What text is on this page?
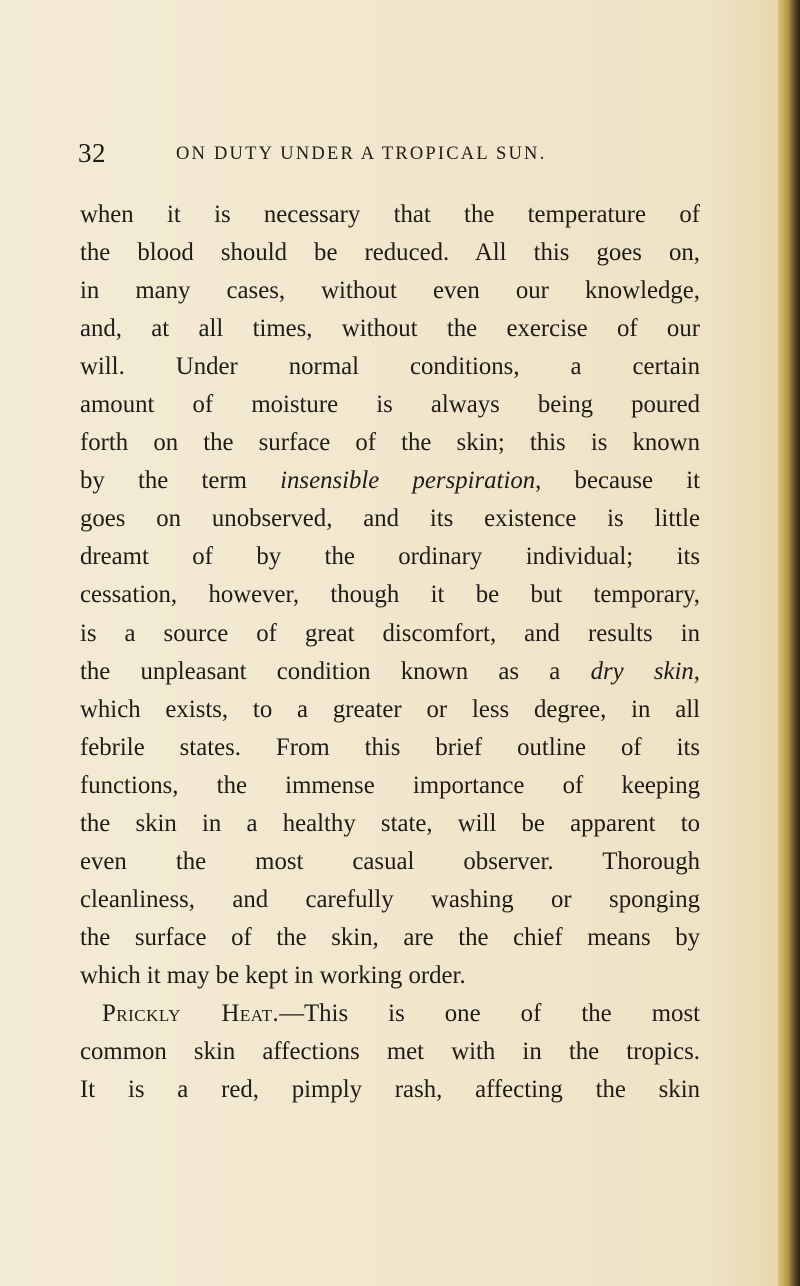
32	ON DUTY UNDER A TROPICAL SUN.
when it is necessary that the temperature of
the blood should be reduced. All this goes on,
in many cases, without even our knowledge,
and, at all times, without the exercise of our
will. Under normal conditions, a certain
amount of moisture is always being poured
forth on the surface of the skin; this is known
by the term insensible perspiration, because it
goes on unobserved, and its existence is little
dreamt of by the ordinary individual; its
cessation, however, though it be but temporary,
is a source of great discomfort, and results in
the unpleasant condition known as a dry skin,
which exists, to a greater or less degree, in all
febrile states. From this brief outline of its
functions, the immense importance of keeping
the skin in a healthy state, will be apparent to
even the most casual observer. Thorough
cleanliness, and carefully washing or sponging
the surface of the skin, are the chief means by
which it may be kept in working order.
Prickly Heat.—This is one of the most
common skin affections met with in the tropics.
It is a red, pimply rash, affecting the skin
